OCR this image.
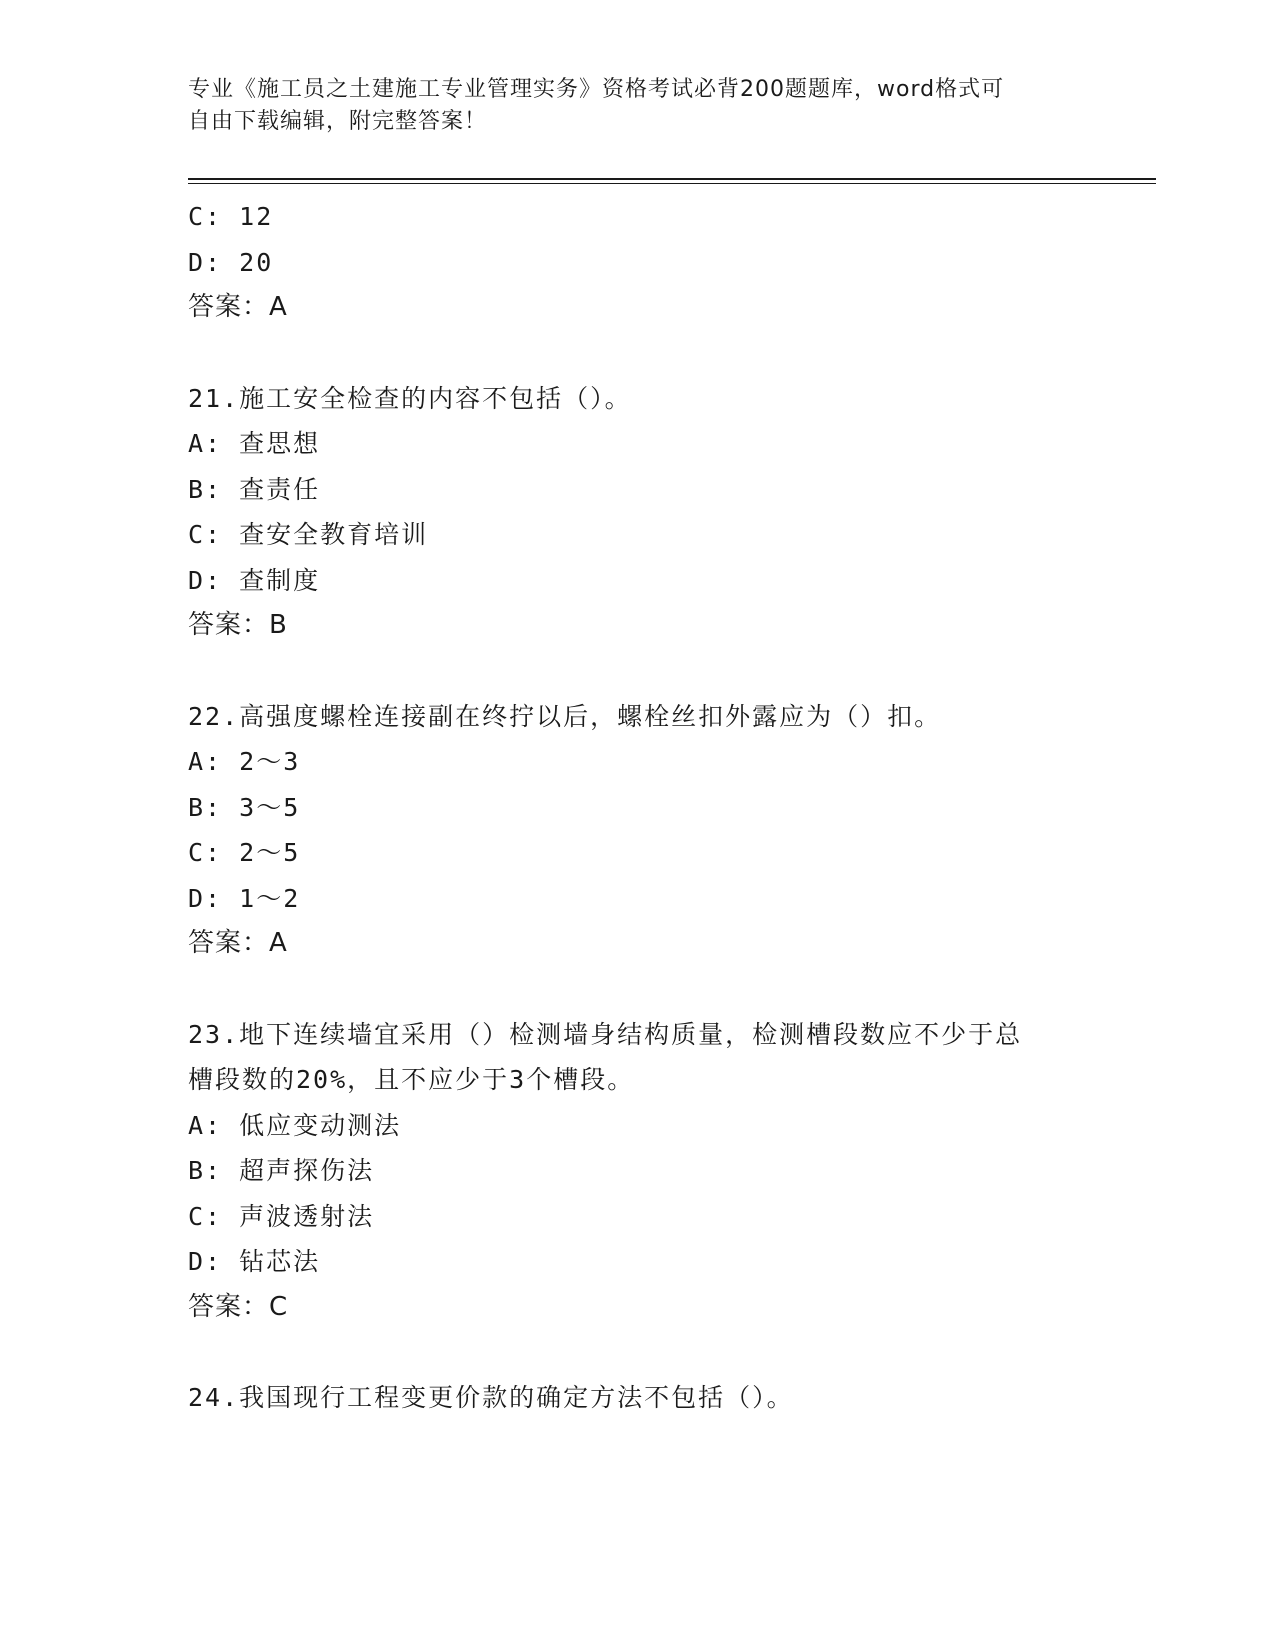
专业《施工员之土建施工专业管理实务》资格考试必背200题题库，word格式可
自由下载编辑，附完整答案！
C: 12
D: 20
答案：A
21.施工安全检查的内容不包括（）。
A: 查思想
B: 查责任
C: 查安全教育培训
D: 查制度
答案：B
22.高强度螺栓连接副在终拧以后，螺栓丝扣外露应为（）扣。
A: 2～3
B: 3～5
C: 2～5
D: 1～2
答案：A
23.地下连续墙宜采用（）检测墙身结构质量，检测槽段数应不少于总
槽段数的20%，且不应少于3个槽段。
A: 低应变动测法
B: 超声探伤法
C: 声波透射法
D: 钻芯法
答案：C
24.我国现行工程变更价款的确定方法不包括（）。
